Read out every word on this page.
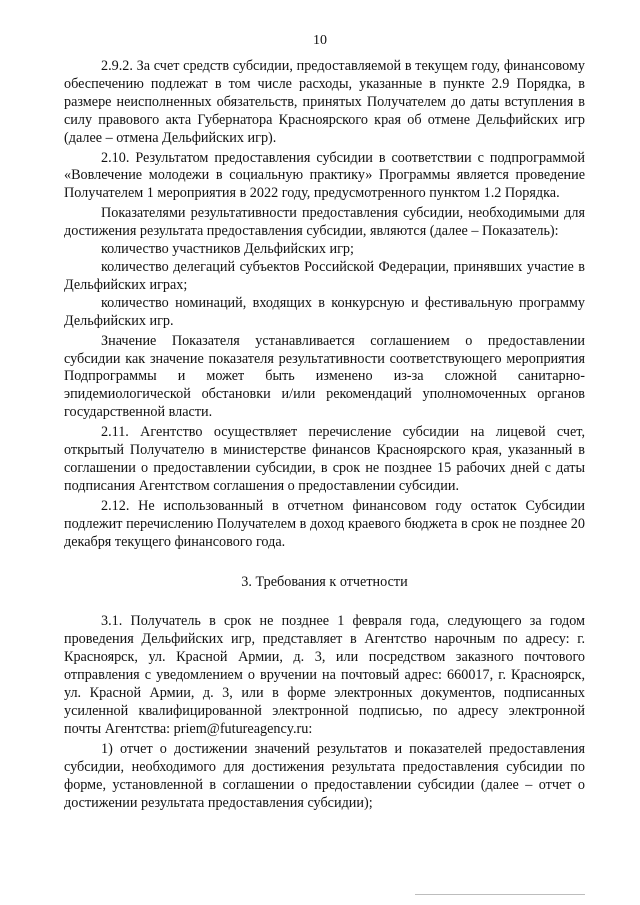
10

2.9.2. За счет средств субсидии, предоставляемой в текущем году, финансовому обеспечению подлежат в том числе расходы, указанные в пункте 2.9 Порядка, в размере неисполненных обязательств, принятых Получателем до даты вступления в силу правового акта Губернатора Красноярского края об отмене Дельфийских игр (далее – отмена Дельфийских игр).

2.10. Результатом предоставления субсидии в соответствии с подпрограммой «Вовлечение молодежи в социальную практику» Программы является проведение Получателем 1 мероприятия в 2022 году, предусмотренного пунктом 1.2 Порядка.

Показателями результативности предоставления субсидии, необходимыми для достижения результата предоставления субсидии, являются (далее – Показатель):

количество участников Дельфийских игр;

количество делегаций субъектов Российской Федерации, принявших участие в Дельфийских играх;

количество номинаций, входящих в конкурсную и фестивальную программу Дельфийских игр.

Значение Показателя устанавливается соглашением о предоставлении субсидии как значение показателя результативности соответствующего мероприятия Подпрограммы и может быть изменено из-за сложной санитарно-эпидемиологической обстановки и/или рекомендаций уполномоченных органов государственной власти.

2.11. Агентство осуществляет перечисление субсидии на лицевой счет, открытый Получателю в министерстве финансов Красноярского края, указанный в соглашении о предоставлении субсидии, в срок не позднее 15 рабочих дней с даты подписания Агентством соглашения о предоставлении субсидии.

2.12. Не использованный в отчетном финансовом году остаток Субсидии подлежит перечислению Получателем в доход краевого бюджета в срок не позднее 20 декабря текущего финансового года.

3. Требования к отчетности

3.1. Получатель в срок не позднее 1 февраля года, следующего за годом проведения Дельфийских игр, представляет в Агентство нарочным по адресу: г. Красноярск, ул. Красной Армии, д. 3, или посредством заказного почтового отправления с уведомлением о вручении на почтовый адрес: 660017, г. Красноярск, ул. Красной Армии, д. 3, или в форме электронных документов, подписанных усиленной квалифицированной электронной подписью, по адресу электронной почты Агентства: priem@futureagency.ru:

1) отчет о достижении значений результатов и показателей предоставления субсидии, необходимого для достижения результата предоставления субсидии по форме, установленной в соглашении о предоставлении субсидии (далее – отчет о достижении результата предоставления субсидии);
